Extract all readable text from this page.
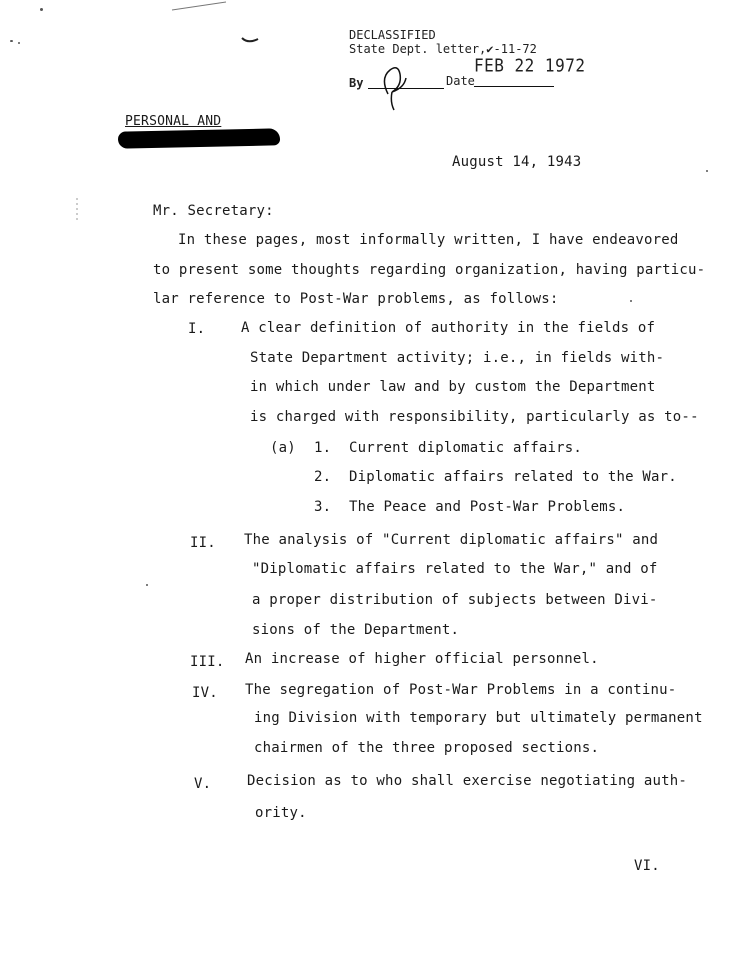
DECLASSIFIED
State Dept. letter,✔-11-72
FEB 22 1972
By	Date
PERSONAL AND
August 14, 1943
Mr. Secretary:
In these pages, most informally written, I have endeavored
to present some thoughts regarding organization, having particu-
lar reference to Post-War problems, as follows:
I.	A clear definition of authority in the fields of
State Department activity; i.e., in fields with-
in which under law and by custom the Department
is charged with responsibility, particularly as to--
(a) 1. Current diplomatic affairs.
2. Diplomatic affairs related to the War.
3. The Peace and Post-War Problems.
II. The analysis of "Current diplomatic affairs" and
"Diplomatic affairs related to the War," and of
a proper distribution of subjects between Divi-
sions of the Department.
III. An increase of higher official personnel.
IV. The segregation of Post-War Problems in a continu-
ing Division with temporary but ultimately permanent
chairmen of the three proposed sections.
V.	Decision as to who shall exercise negotiating auth-
ority.
VI.
